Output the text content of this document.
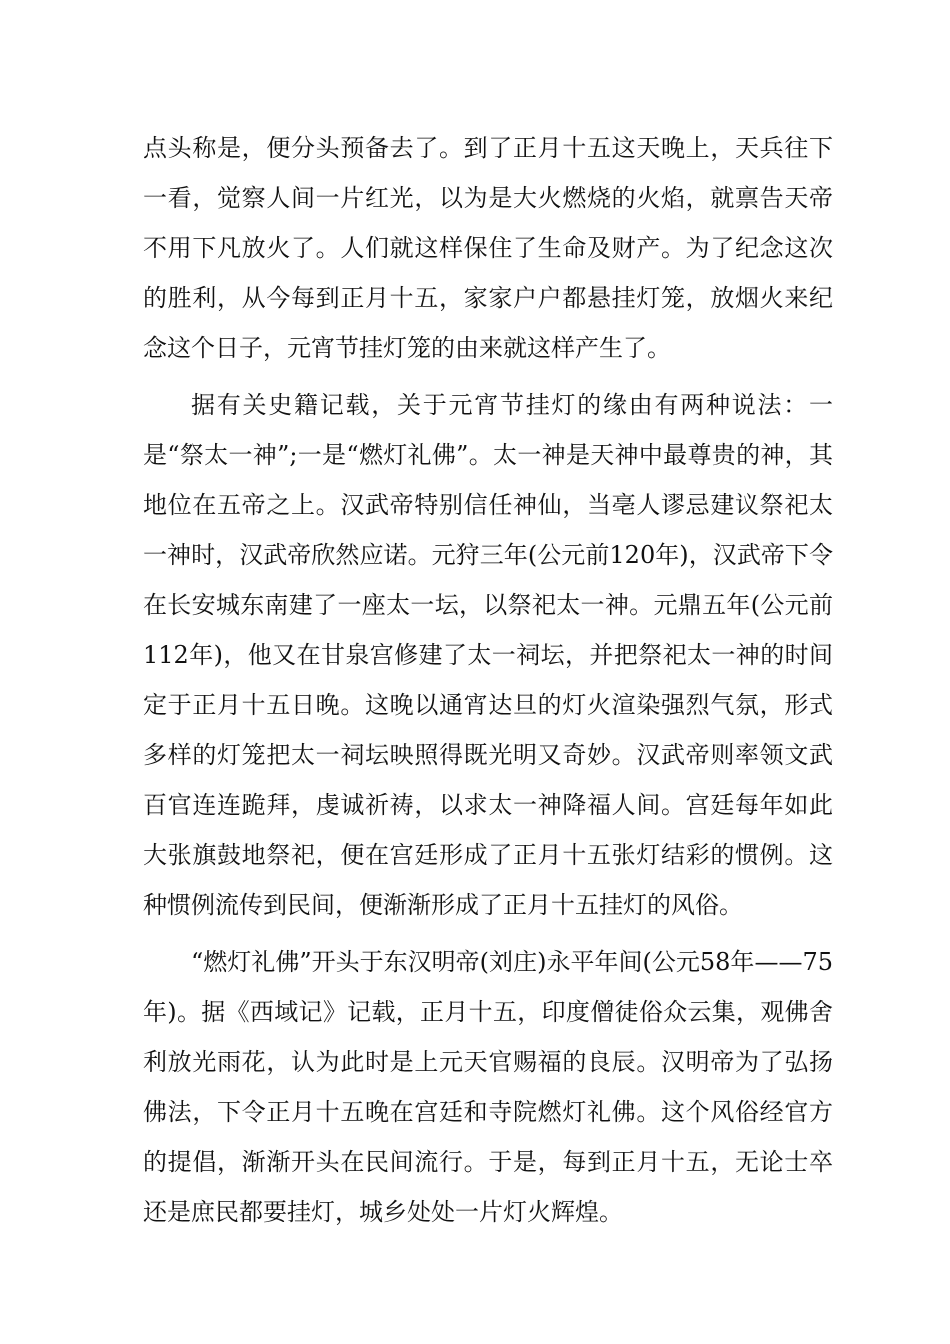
点头称是，便分头预备去了。到了正月十五这天晚上，天兵往下一看，觉察人间一片红光，以为是大火燃烧的火焰，就禀告天帝不用下凡放火了。人们就这样保住了生命及财产。为了纪念这次的胜利，从今每到正月十五，家家户户都悬挂灯笼，放烟火来纪念这个日子，元宵节挂灯笼的由来就这样产生了。

据有关史籍记载，关于元宵节挂灯的缘由有两种说法：一是“祭太一神”;一是“燃灯礼佛”。太一神是天神中最尊贵的神，其地位在五帝之上。汉武帝特别信任神仙，当亳人谬忌建议祭祀太一神时，汉武帝欣然应诺。元狩三年(公元前120年)，汉武帝下令在长安城东南建了一座太一坛，以祭祀太一神。元鼎五年(公元前112年)，他又在甘泉宫修建了太一祠坛，并把祭祀太一神的时间定于正月十五日晚。这晚以通宵达旦的灯火渲染强烈气氛，形式多样的灯笼把太一祠坛映照得既光明又奇妙。汉武帝则率领文武百官连连跪拜，虔诚祈祷，以求太一神降福人间。宫廷每年如此大张旗鼓地祭祀，便在宫廷形成了正月十五张灯结彩的惯例。这种惯例流传到民间，便渐渐形成了正月十五挂灯的风俗。

“燃灯礼佛”开头于东汉明帝(刘庄)永平年间(公元58年——75年)。据《西域记》记载，正月十五，印度僧徒俗众云集，观佛舍利放光雨花，认为此时是上元天官赐福的良辰。汉明帝为了弘扬佛法，下令正月十五晚在宫廷和寺院燃灯礼佛。这个风俗经官方的提倡，渐渐开头在民间流行。于是，每到正月十五，无论士卒还是庶民都要挂灯，城乡处处一片灯火辉煌。
